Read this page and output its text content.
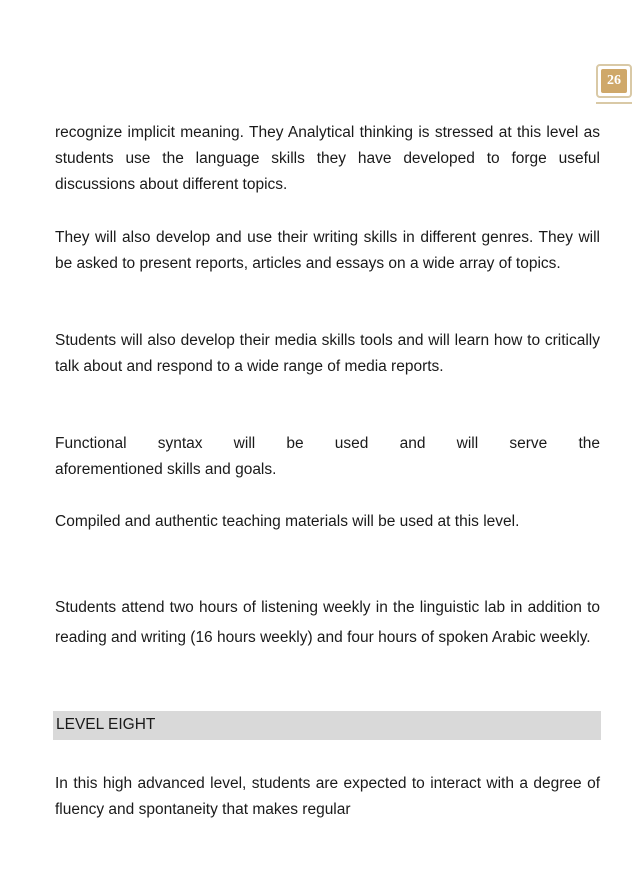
26

recognize implicit meaning. They Analytical thinking is stressed at this level as students use the language skills they have developed to forge useful discussions about different topics.

They will also develop and use their writing skills in different genres. They will be asked to present reports, articles and essays on a wide array of topics.

Students will also develop their media skills tools and will learn how to critically talk about and respond to a wide range of media reports.

Functional syntax will be used and will serve the

aforementioned skills and goals.

Compiled and authentic teaching materials will be used at this level.

Students attend two hours of listening weekly in the linguistic lab in addition to reading and writing (16 hours weekly) and four hours of spoken Arabic weekly.

LEVEL EIGHT

In this high advanced level, students are expected to interact with a degree of fluency and spontaneity that makes regular
